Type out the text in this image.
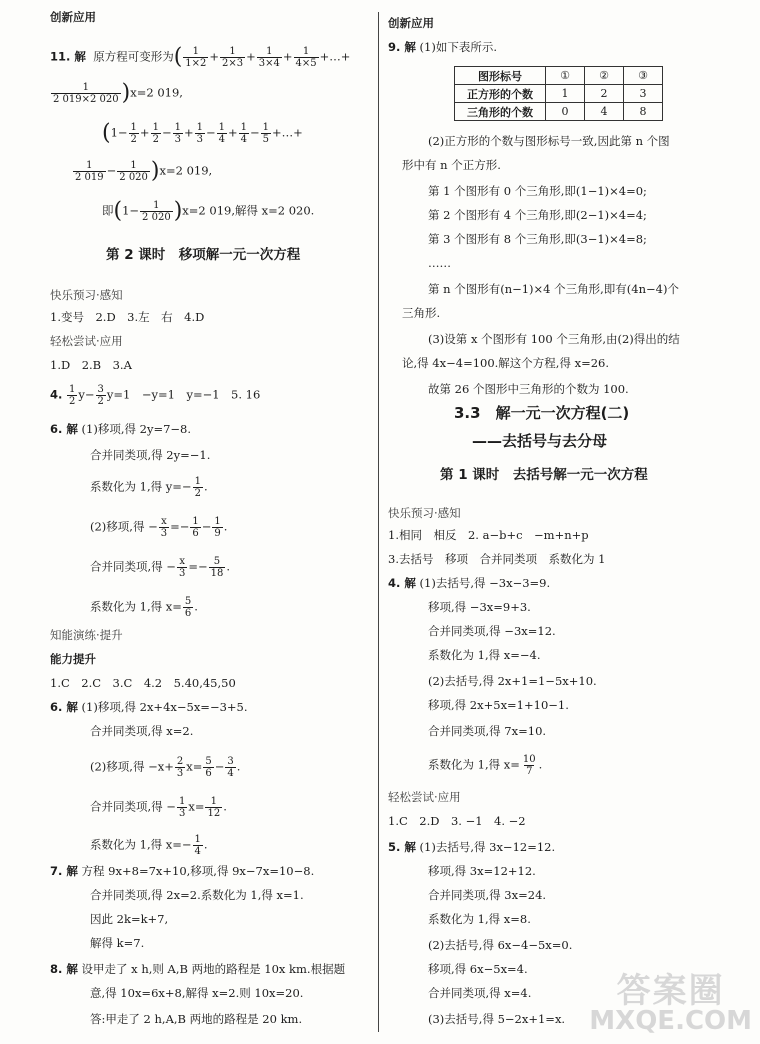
创新应用
11. 解 原方程可变形为( $\frac{1}{1\times 2} + \frac{1}{2\times 3} + \frac{1}{3\times 4} + \frac{1}{4\times 5}$ +…+
$\frac{1}{2 019\times 2 020} )x=2$ 019,
($1- \frac{1}{2} + \frac{1}{2} - \frac{1}{3} + \frac{1}{3} - \frac{1}{4} + \frac{1}{4} - \frac{1}{5}$ +…+
$\frac{1}{2 019} - \frac{1}{2 020} )x=2$ 019,
即$(1- \frac{1}{2 020} )x=2$ 019,解得 x=2 020.
第 2 课时　移项解一元一次方程
快乐预习·感知
1.变号　2.D　3.左　右　4.D
轻松尝试·应用
1.D　2.B　3.A
4. $\frac{1}{2} y- \frac{3}{2} y=1$　−y=1　y=−1　5. 16
6. 解 (1)移项,得 2y=7−8.
合并同类项,得 2y=−1.
系数化为 1,得 $y=- \frac{1}{2}$ .
(2)移项,得 − $\frac{x}{3} =- \frac{1}{6} - \frac{1}{9}$ .
合并同类项,得 − $\frac{x}{3} =- \frac{5}{18}$ .
系数化为 1,得 $x= \frac{5}{6}$ .
知能演练·提升
能力提升
1.C　2.C　3.C　4.2　5.40,45,50
6. 解 (1)移项,得 2x+4x−5x=−3+5.
合并同类项,得 x=2.
(2)移项,得 $-x+ \frac{2}{3} x= \frac{5}{6} - \frac{3}{4}$ .
合并同类项,得 − $\frac{1}{3} x= \frac{1}{12}$ .
系数化为 1,得 $x=- \frac{1}{4}$ .
7. 解 方程 9x+8=7x+10,移项,得 9x−7x=10−8.
合并同类项,得 2x=2.系数化为 1,得 x=1.
因此 2k=k+7,
解得 k=7.
8. 解 设甲走了 x h,则 A,B 两地的路程是 10x km.根据题
意,得 10x=6x+8,解得 x=2.则 10x=20.
答:甲走了 2 h,A,B 两地的路程是 20 km.
创新应用
9. 解 (1)如下表所示.
图形标号	①	②	③
正方形的个数	1	2	3
三角形的个数	0	4	8
(2)正方形的个数与图形标号一致,因此第 n 个图
形中有 n 个正方形.
第 1 个图形有 0 个三角形,即(1−1)×4=0;
第 2 个图形有 4 个三角形,即(2−1)×4=4;
第 3 个图形有 8 个三角形,即(3−1)×4=8;
……
第 n 个图形有(n−1)×4 个三角形,即有(4n−4)个
三角形.
(3)设第 x 个图形有 100 个三角形,由(2)得出的结
论,得 4x−4=100.解这个方程,得 x=26.
故第 26 个图形中三角形的个数为 100.
3.3　解一元一次方程(二)
——去括号与去分母
第 1 课时　去括号解一元一次方程
快乐预习·感知
1.相同　相反　2. a−b+c　−m+n+p
3.去括号　移项　合并同类项　系数化为 1
4. 解 (1)去括号,得 −3x−3=9.
移项,得 −3x=9+3.
合并同类项,得 −3x=12.
系数化为 1,得 x=−4.
(2)去括号,得 2x+1=1−5x+10.
移项,得 2x+5x=1+10−1.
合并同类项,得 7x=10.
系数化为 1,得 $x= \frac{10}{7}$ .
轻松尝试·应用
1.C　2.D　3. −1　4. −2
5. 解 (1)去括号,得 3x−12=12.
移项,得 3x=12+12.
合并同类项,得 3x=24.
系数化为 1,得 x=8.
(2)去括号,得 6x−4−5x=0.
移项,得 6x−5x=4.
合并同类项,得 x=4.
(3)去括号,得 5−2x+1=x.
答案圈
MXQE.COM
